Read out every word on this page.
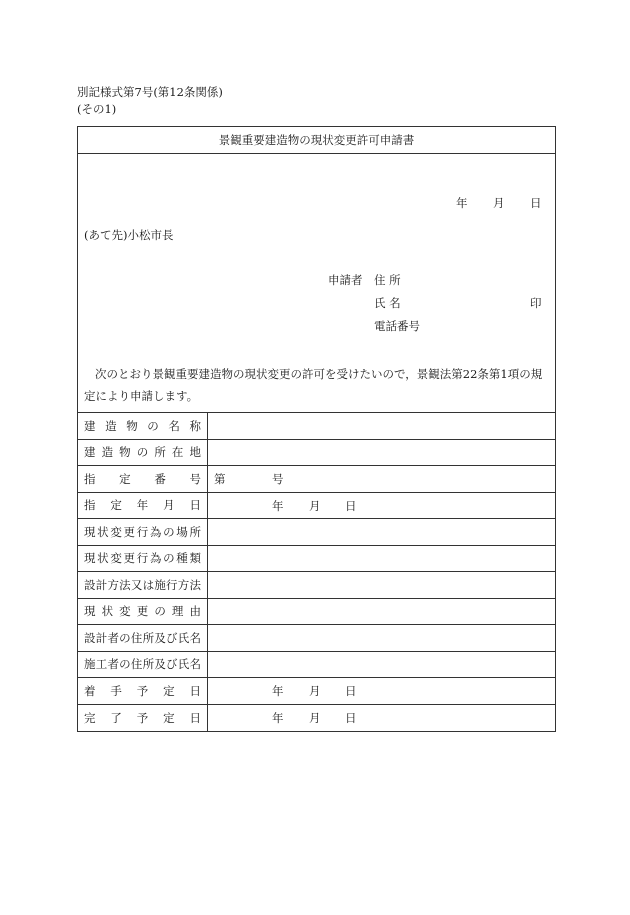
別記様式第7号(第12条関係)
(その1)
景観重要建造物の現状変更許可申請書
年 月 日
(あて先)小松市長
申請者 住 所
氏 名	印
電話番号

次のとおり景観重要建造物の現状変更の許可を受けたいので，景観法第22条第1項の規定により申請します。

建造物の名称
建造物の所在地
指定番号 第	号
指定年月日	年 月 日
現状変更行為の場所
現状変更行為の種類
設計方法又は施行方法
現状変更の理由
設計者の住所及び氏名
施工者の住所及び氏名
着手予定日	年 月 日
完了予定日	年 月 日
